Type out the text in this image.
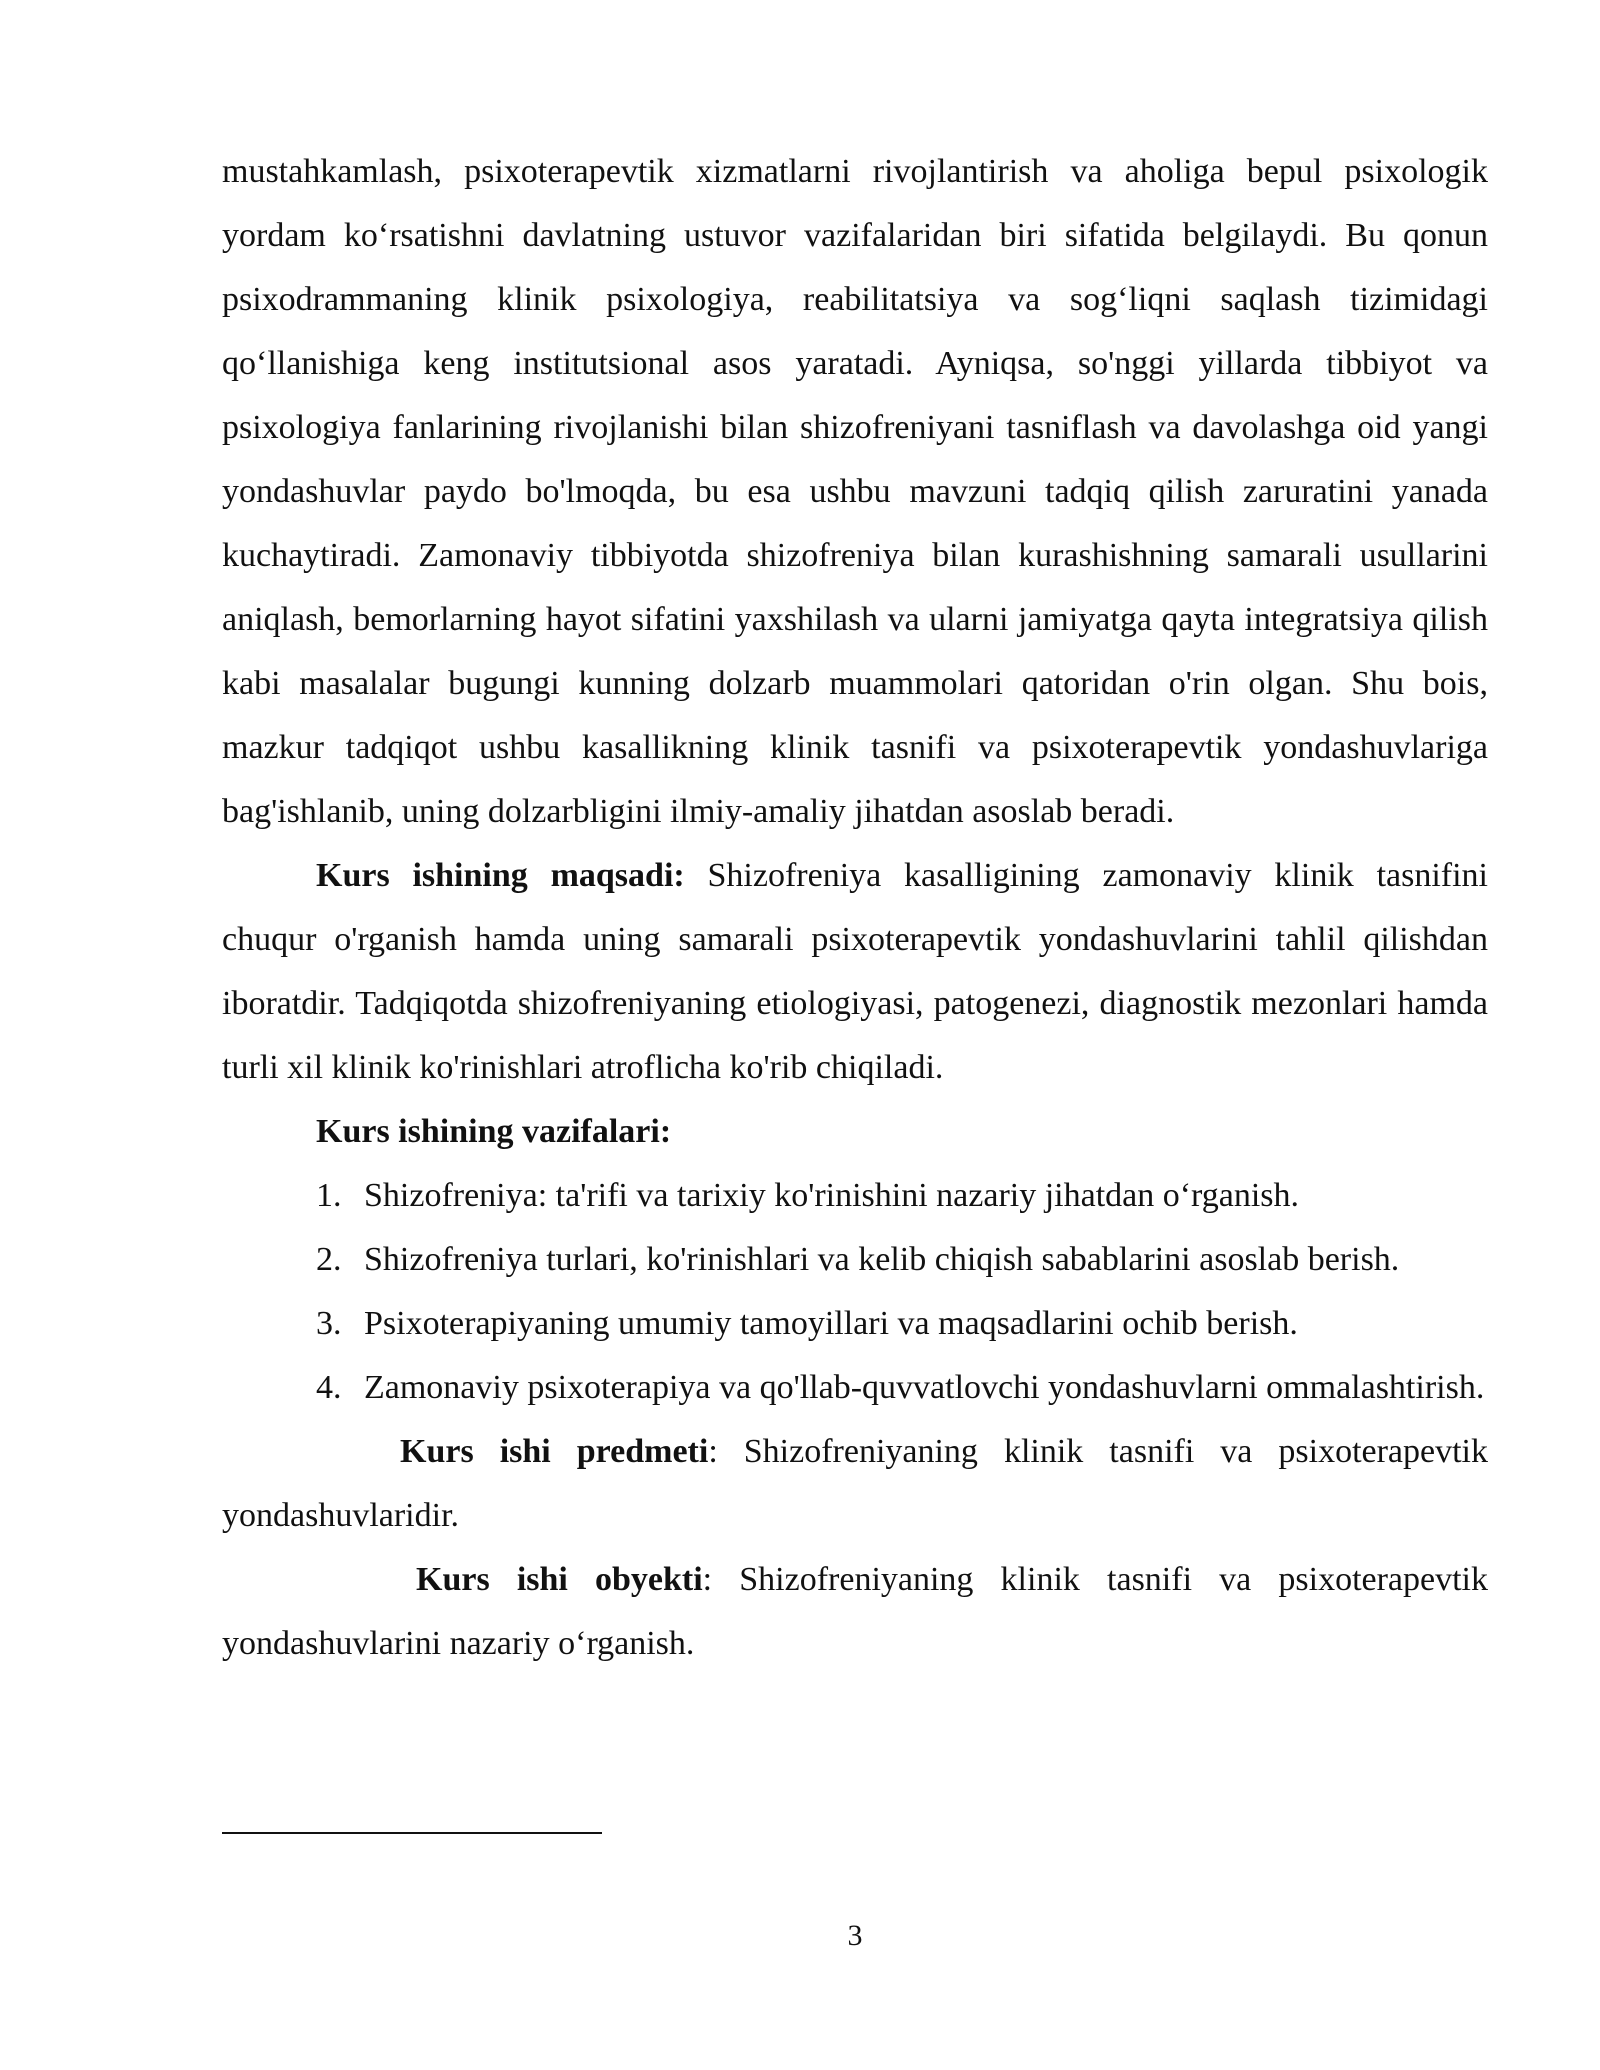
mustahkamlash, psixoterapevtik xizmatlarni rivojlantirish va aholiga bepul psixologik yordam koʻrsatishni davlatning ustuvor vazifalaridan biri sifatida belgilaydi. Bu qonun psixodrammaning klinik psixologiya, reabilitatsiya va sogʻliqni saqlash tizimidagi qoʻllanishiga keng institutsional asos yaratadi. Ayniqsa, so'nggi yillarda tibbiyot va psixologiya fanlarining rivojlanishi bilan shizofreniyani tasniflash va davolashga oid yangi yondashuvlar paydo bo'lmoqda, bu esa ushbu mavzuni tadqiq qilish zaruratini yanada kuchaytiradi. Zamonaviy tibbiyotda shizofreniya bilan kurashishning samarali usullarini aniqlash, bemorlarning hayot sifatini yaxshilash va ularni jamiyatga qayta integratsiya qilish kabi masalalar bugungi kunning dolzarb muammolari qatoridan o'rin olgan. Shu bois, mazkur tadqiqot ushbu kasallikning klinik tasnifi va psixoterapevtik yondashuvlariga bag'ishlanib, uning dolzarbligini ilmiy-amaliy jihatdan asoslab beradi.

Kurs ishining maqsadi: Shizofreniya kasalligining zamonaviy klinik tasnifini chuqur o'rganish hamda uning samarali psixoterapevtik yondashuvlarini tahlil qilishdan iboratdir. Tadqiqotda shizofreniyaning etiologiyasi, patogenezi, diagnostik mezonlari hamda turli xil klinik ko'rinishlari atroflicha ko'rib chiqiladi.

Kurs ishining vazifalari:

1. Shizofreniya: ta'rifi va tarixiy ko'rinishini nazariy jihatdan oʻrganish.
2. Shizofreniya turlari, ko'rinishlari va kelib chiqish sabablarini asoslab berish.
3. Psixoterapiyaning umumiy tamoyillari va maqsadlarini ochib berish.
4. Zamonaviy psixoterapiya va qo'llab-quvvatlovchi yondashuvlarni ommalashtirish.

Kurs ishi predmeti: Shizofreniyaning klinik tasnifi va psixoterapevtik yondashuvlaridir.

Kurs ishi obyekti: Shizofreniyaning klinik tasnifi va psixoterapevtik yondashuvlarini nazariy oʻrganish.

3
